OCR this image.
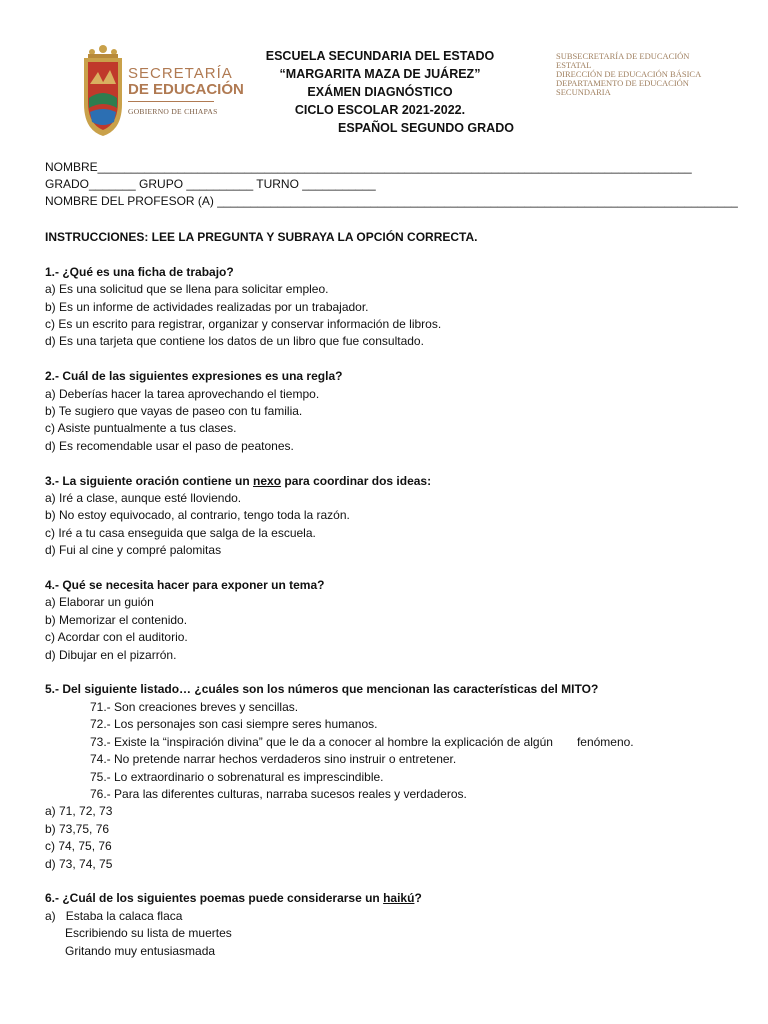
SECRETARÍA
DE EDUCACIÓN
GOBIERNO DE CHIAPAS
ESCUELA SECUNDARIA DEL ESTADO
“MARGARITA MAZA DE JUÁREZ”
EXÁMEN DIAGNÓSTICO
CICLO ESCOLAR 2021-2022.
ESPAÑOL SEGUNDO GRADO
SUBSECRETARÍA DE EDUCACIÓN
ESTATAL
DIRECCIÓN DE EDUCACIÓN BÁSICA
DEPARTAMENTO DE EDUCACIÓN
SECUNDARIA
NOMBRE_________________________________________________________________________________________
GRADO_______ GRUPO __________ TURNO ___________
NOMBRE DEL PROFESOR (A) ______________________________________________________________________________
INSTRUCCIONES: LEE LA PREGUNTA Y SUBRAYA LA OPCIÓN CORRECTA.
1.- ¿Qué es una ficha de trabajo?
a) Es una solicitud que se llena para solicitar empleo.
b) Es un informe de actividades realizadas por un trabajador.
c) Es un escrito para registrar, organizar y conservar información de libros.
d) Es una tarjeta que contiene los datos de un libro que fue consultado.
2.- Cuál de las siguientes expresiones es una regla?
a) Deberías hacer la tarea aprovechando el tiempo.
b) Te sugiero que vayas de paseo con tu familia.
c) Asiste puntualmente a tus clases.
d) Es recomendable usar el paso de peatones.
3.- La siguiente oración contiene un nexo para coordinar dos ideas:
a) Iré a clase, aunque esté lloviendo.
b) No estoy equivocado, al contrario, tengo toda la razón.
c) Iré a tu casa enseguida que salga de la escuela.
d) Fui al cine y compré palomitas
4.- Qué se necesita hacer para exponer un tema?
a) Elaborar un guión
b) Memorizar el contenido.
c) Acordar con el auditorio.
d) Dibujar en el pizarrón.
5.- Del siguiente listado… ¿cuáles son los números que mencionan las características del MITO?
71.- Son creaciones breves y sencillas.
72.- Los personajes son casi siempre seres humanos.
73.- Existe la “inspiración divina” que le da a conocer al hombre la explicación de algún fenómeno.
74.- No pretende narrar hechos verdaderos sino instruir o entretener.
75.- Lo extraordinario o sobrenatural es imprescindible.
76.- Para las diferentes culturas, narraba sucesos reales y verdaderos.
a) 71, 72, 73
b) 73,75, 76
c) 74, 75, 76
d) 73, 74, 75
6.- ¿Cuál de los siguientes poemas puede considerarse un haikú?
a) Estaba la calaca flaca
Escribiendo su lista de muertes
Gritando muy entusiasmada
